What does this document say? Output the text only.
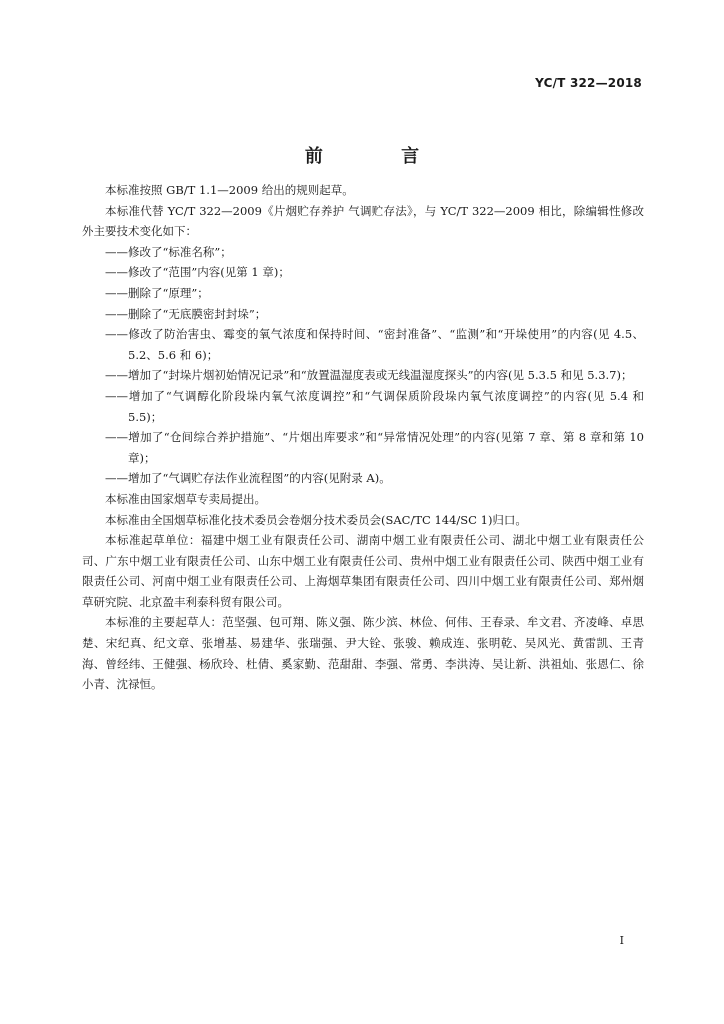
YC/T 322—2018
前 言

本标准按照 GB/T 1.1—2009 给出的规则起草。

本标准代替 YC/T 322—2009《片烟贮存养护 气调贮存法》，与 YC/T 322—2009 相比，除编辑性修改外主要技术变化如下：

——修改了“标准名称”；

——修改了“范围”内容(见第 1 章)；

——删除了“原理”；

——删除了“无底膜密封封垛”；

——修改了防治害虫、霉变的氧气浓度和保持时间、“密封准备”、“监测”和“开垛使用”的内容(见 4.5、5.2、5.6 和 6)；

——增加了“封垛片烟初始情况记录”和“放置温湿度表或无线温湿度探头”的内容(见 5.3.5 和见 5.3.7)；

——增加了“气调醇化阶段垛内氧气浓度调控”和“气调保质阶段垛内氧气浓度调控”的内容(见 5.4 和 5.5)；

——增加了“仓间综合养护措施”、“片烟出库要求”和“异常情况处理”的内容(见第 7 章、第 8 章和第 10 章)；

——增加了“气调贮存法作业流程图”的内容(见附录 A)。

本标准由国家烟草专卖局提出。

本标准由全国烟草标准化技术委员会卷烟分技术委员会(SAC/TC 144/SC 1)归口。

本标准起草单位：福建中烟工业有限责任公司、湖南中烟工业有限责任公司、湖北中烟工业有限责任公司、广东中烟工业有限责任公司、山东中烟工业有限责任公司、贵州中烟工业有限责任公司、陕西中烟工业有限责任公司、河南中烟工业有限责任公司、上海烟草集团有限责任公司、四川中烟工业有限责任公司、郑州烟草研究院、北京盈丰利泰科贸有限公司。

本标准的主要起草人：范坚强、包可翔、陈义强、陈少滨、林俭、何伟、王春录、牟文君、齐凌峰、卓思楚、宋纪真、纪文章、张增基、易建华、张瑞强、尹大铨、张骏、赖成连、张明乾、吴风光、黄雷凯、王青海、曾经纬、王健强、杨欣玲、杜倩、奚家勤、范甜甜、李强、常勇、李洪涛、吴让新、洪祖灿、张恩仁、徐小青、沈禄恒。

I
